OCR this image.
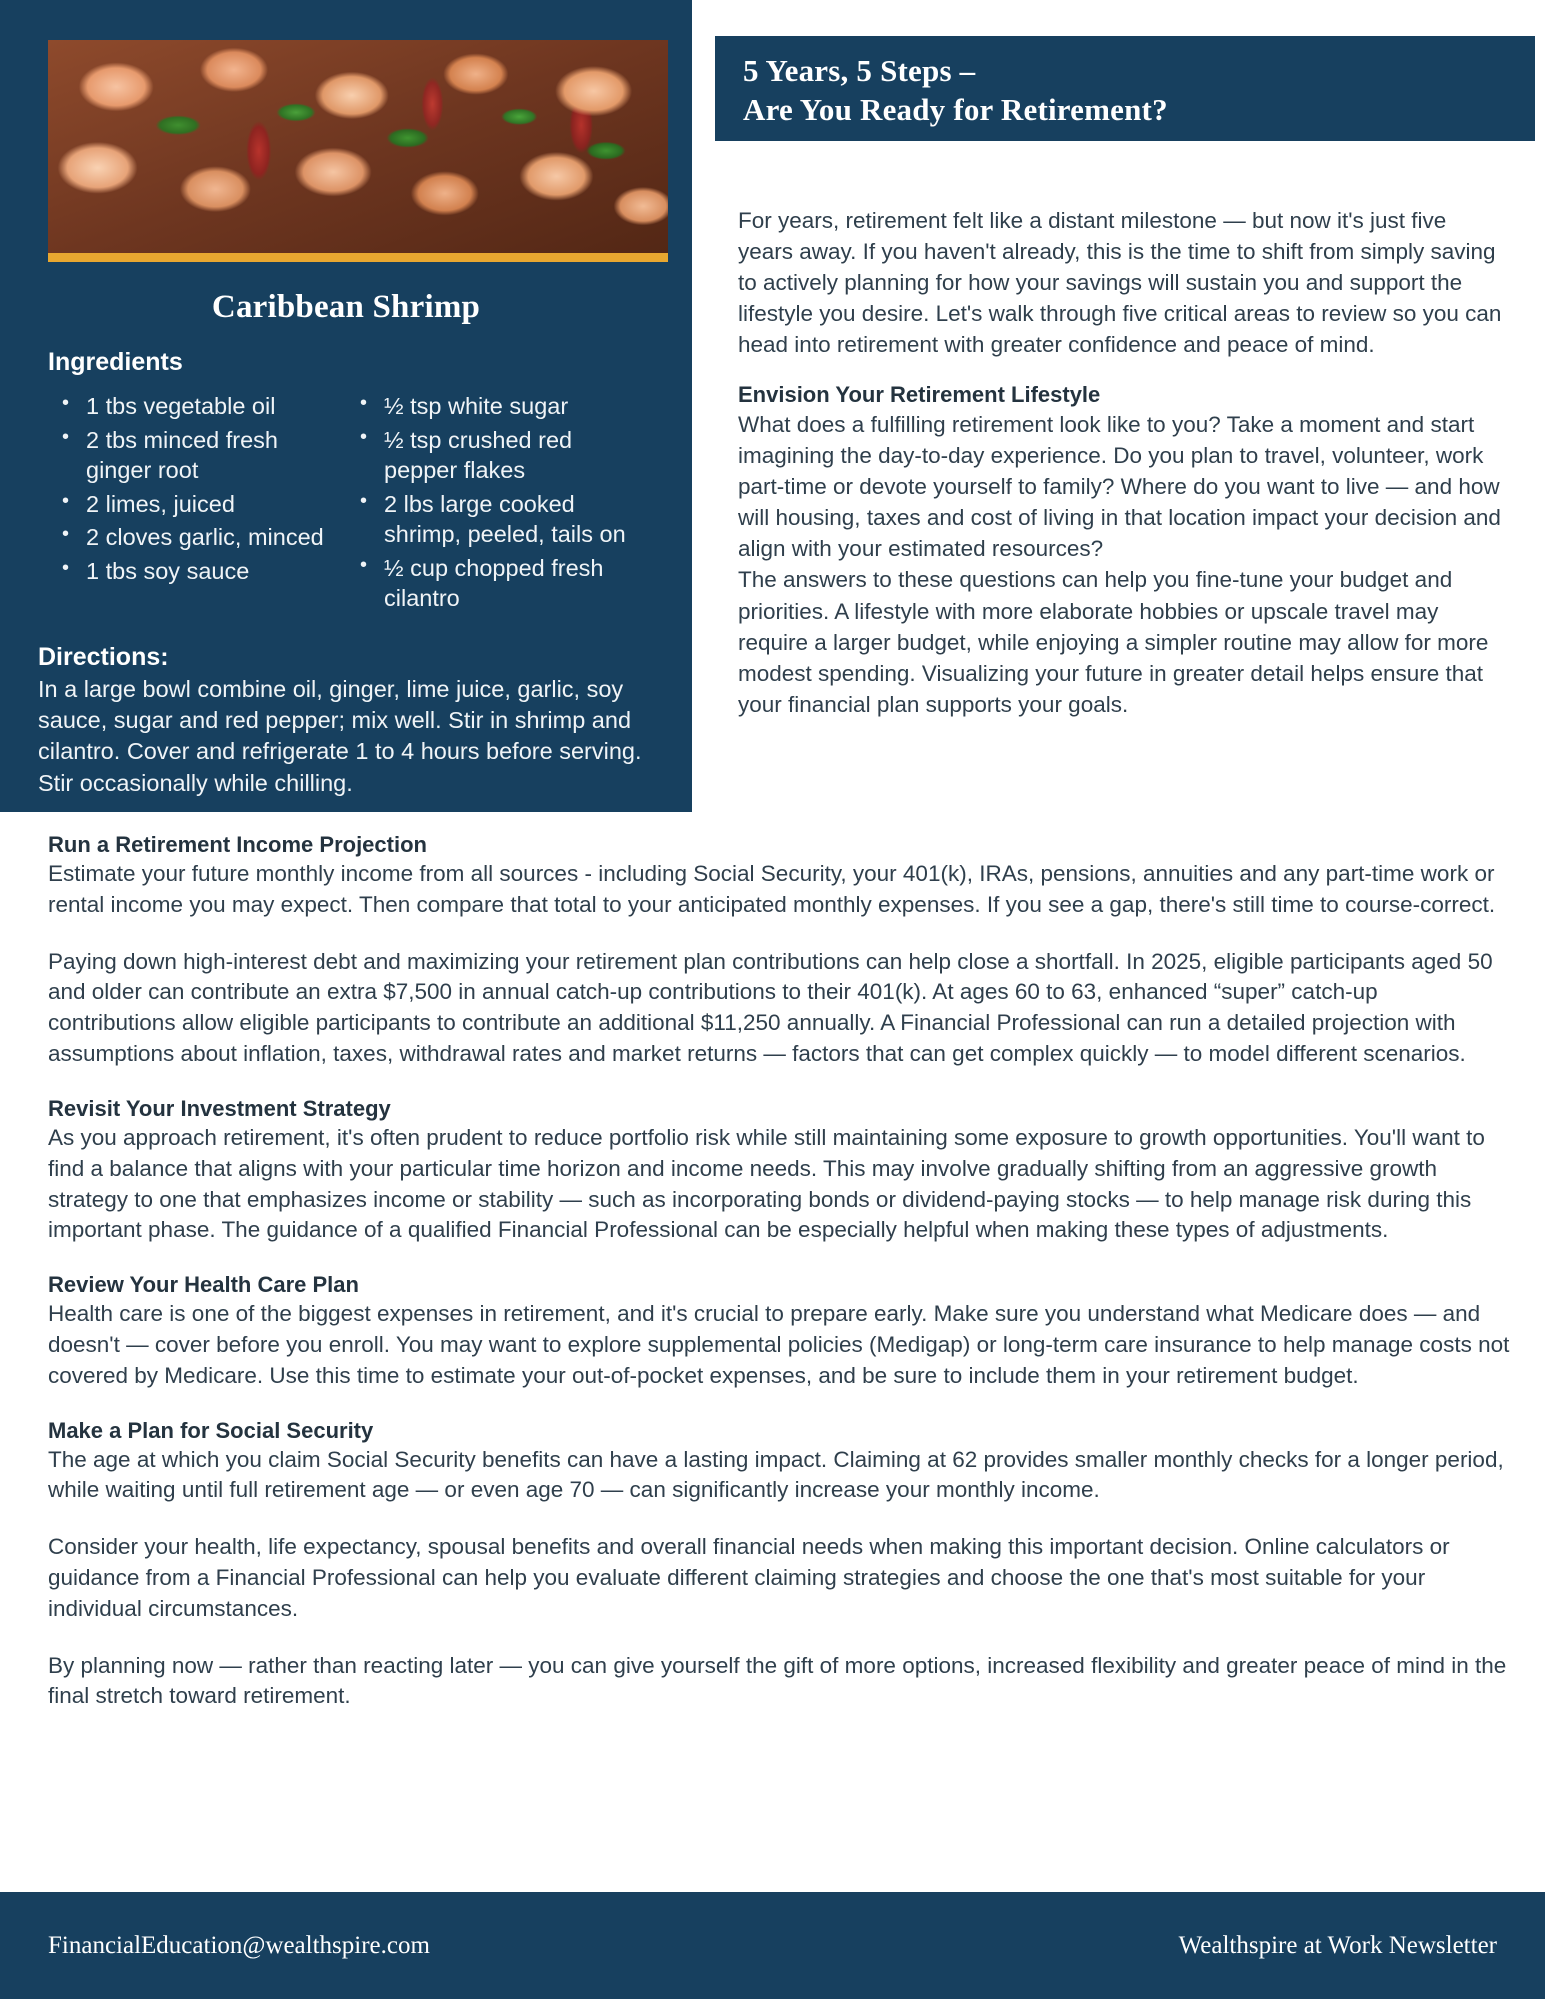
Caribbean Shrimp
Ingredients
• 1 tbs vegetable oil
• 2 tbs minced fresh ginger root
• 2 limes, juiced
• 2 cloves garlic, minced
• 1 tbs soy sauce
• ½ tsp white sugar
• ½ tsp crushed red pepper flakes
• 2 lbs large cooked shrimp, peeled, tails on
• ½ cup chopped fresh cilantro
Directions:
In a large bowl combine oil, ginger, lime juice, garlic, soy sauce, sugar and red pepper; mix well. Stir in shrimp and cilantro. Cover and refrigerate 1 to 4 hours before serving. Stir occasionally while chilling.
5 Years, 5 Steps –
Are You Ready for Retirement?

For years, retirement felt like a distant milestone — but now it's just five years away. If you haven't already, this is the time to shift from simply saving to actively planning for how your savings will sustain you and support the lifestyle you desire. Let's walk through five critical areas to review so you can head into retirement with greater confidence and peace of mind.

Envision Your Retirement Lifestyle

What does a fulfilling retirement look like to you? Take a moment and start imagining the day-to-day experience. Do you plan to travel, volunteer, work part-time or devote yourself to family? Where do you want to live — and how will housing, taxes and cost of living in that location impact your decision and align with your estimated resources?

The answers to these questions can help you fine-tune your budget and priorities. A lifestyle with more elaborate hobbies or upscale travel may require a larger budget, while enjoying a simpler routine may allow for more modest spending. Visualizing your future in greater detail helps ensure that your financial plan supports your goals.

Run a Retirement Income Projection

Estimate your future monthly income from all sources - including Social Security, your 401(k), IRAs, pensions, annuities and any part-time work or rental income you may expect. Then compare that total to your anticipated monthly expenses. If you see a gap, there's still time to course-correct.

Paying down high-interest debt and maximizing your retirement plan contributions can help close a shortfall. In 2025, eligible participants aged 50 and older can contribute an extra $7,500 in annual catch-up contributions to their 401(k). At ages 60 to 63, enhanced “super” catch-up contributions allow eligible participants to contribute an additional $11,250 annually. A Financial Professional can run a detailed projection with assumptions about inflation, taxes, withdrawal rates and market returns — factors that can get complex quickly — to model different scenarios.

Revisit Your Investment Strategy

As you approach retirement, it's often prudent to reduce portfolio risk while still maintaining some exposure to growth opportunities. You'll want to find a balance that aligns with your particular time horizon and income needs. This may involve gradually shifting from an aggressive growth strategy to one that emphasizes income or stability — such as incorporating bonds or dividend-paying stocks — to help manage risk during this important phase. The guidance of a qualified Financial Professional can be especially helpful when making these types of adjustments.

Review Your Health Care Plan

Health care is one of the biggest expenses in retirement, and it's crucial to prepare early. Make sure you understand what Medicare does — and doesn't — cover before you enroll. You may want to explore supplemental policies (Medigap) or long-term care insurance to help manage costs not covered by Medicare. Use this time to estimate your out-of-pocket expenses, and be sure to include them in your retirement budget.

Make a Plan for Social Security

The age at which you claim Social Security benefits can have a lasting impact. Claiming at 62 provides smaller monthly checks for a longer period, while waiting until full retirement age — or even age 70 — can significantly increase your monthly income.

Consider your health, life expectancy, spousal benefits and overall financial needs when making this important decision. Online calculators or guidance from a Financial Professional can help you evaluate different claiming strategies and choose the one that's most suitable for your individual circumstances.

By planning now — rather than reacting later — you can give yourself the gift of more options, increased flexibility and greater peace of mind in the final stretch toward retirement.

FinancialEducation@wealthspire.com	Wealthspire at Work Newsletter
